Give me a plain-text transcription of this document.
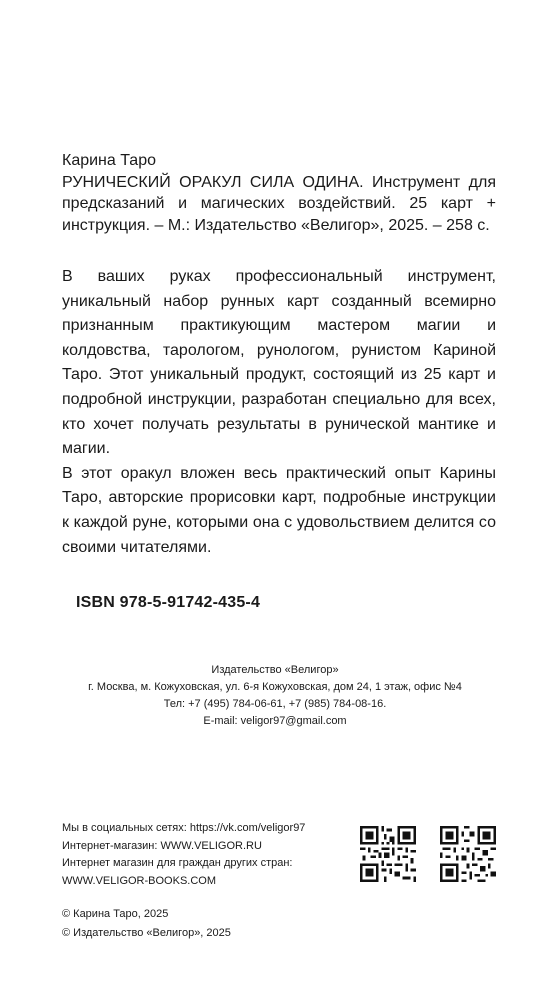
Карина Таро

РУНИЧЕСКИЙ ОРАКУЛ СИЛА ОДИНА. Инструмент для предсказаний и магических воздействий. 25 карт + инструкция. – М.: Издательство «Велигор», 2025. – 258 с.

В ваших руках профессиональный инструмент, уникальный набор рунных карт созданный всемирно признанным практикующим мастером магии и колдовства, тарологом, рунологом, рунистом Кариной Таро. Этот уникальный продукт, состоящий из 25 карт и подробной инструкции, разработан специально для всех, кто хочет получать результаты в рунической мантике и магии.

В этот оракул вложен весь практический опыт Карины Таро, авторские прорисовки карт, подробные инструкции к каждой руне, которыми она с удовольствием делится со своими читателями.

ISBN 978-5-91742-435-4
Издательство «Велигор»
г. Москва, м. Кожуховская, ул. 6-я Кожуховская, дом 24, 1 этаж, офис №4
Тел: +7 (495) 784-06-61, +7 (985) 784-08-16.
E-mail: veligor97@gmail.com
Мы в социальных сетях: https://vk.com/veligor97
Интернет-магазин: WWW.VELIGOR.RU
Интернет магазин для граждан других стран:
WWW.VELIGOR-BOOKS.COM
© Карина Таро, 2025
© Издательство «Велигор», 2025
